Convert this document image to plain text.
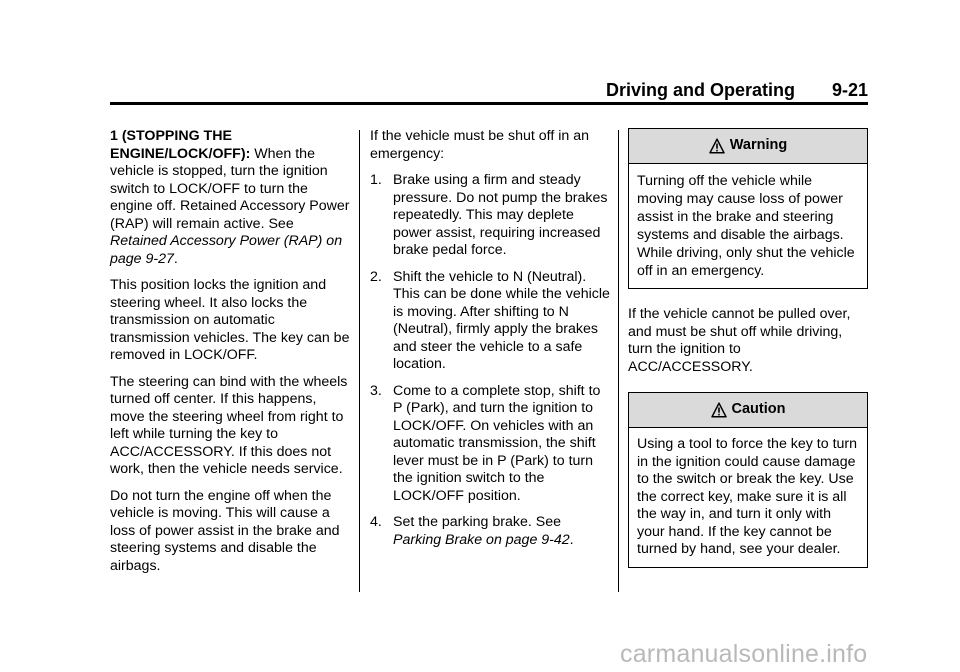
Driving and Operating 9-21

1 (STOPPING THE ENGINE/LOCK/OFF): When the vehicle is stopped, turn the ignition switch to LOCK/OFF to turn the engine off. Retained Accessory Power (RAP) will remain active. See Retained Accessory Power (RAP) on page 9-27.

This position locks the ignition and steering wheel. It also locks the transmission on automatic transmission vehicles. The key can be removed in LOCK/OFF.

The steering can bind with the wheels turned off center. If this happens, move the steering wheel from right to left while turning the key to ACC/ACCESSORY. If this does not work, then the vehicle needs service.

Do not turn the engine off when the vehicle is moving. This will cause a loss of power assist in the brake and steering systems and disable the airbags.

If the vehicle must be shut off in an emergency:

1. Brake using a firm and steady pressure. Do not pump the brakes repeatedly. This may deplete power assist, requiring increased brake pedal force.
2. Shift the vehicle to N (Neutral). This can be done while the vehicle is moving. After shifting to N (Neutral), firmly apply the brakes and steer the vehicle to a safe location.
3. Come to a complete stop, shift to P (Park), and turn the ignition to LOCK/OFF. On vehicles with an automatic transmission, the shift lever must be in P (Park) to turn the ignition switch to the LOCK/OFF position.
4. Set the parking brake. See Parking Brake on page 9-42.
Warning
Turning off the vehicle while moving may cause loss of power assist in the brake and steering systems and disable the airbags. While driving, only shut the vehicle off in an emergency.

If the vehicle cannot be pulled over, and must be shut off while driving, turn the ignition to ACC/ACCESSORY.

Caution
Using a tool to force the key to turn in the ignition could cause damage to the switch or break the key. Use the correct key, make sure it is all the way in, and turn it only with your hand. If the key cannot be turned by hand, see your dealer.
carmanualsonline.info
